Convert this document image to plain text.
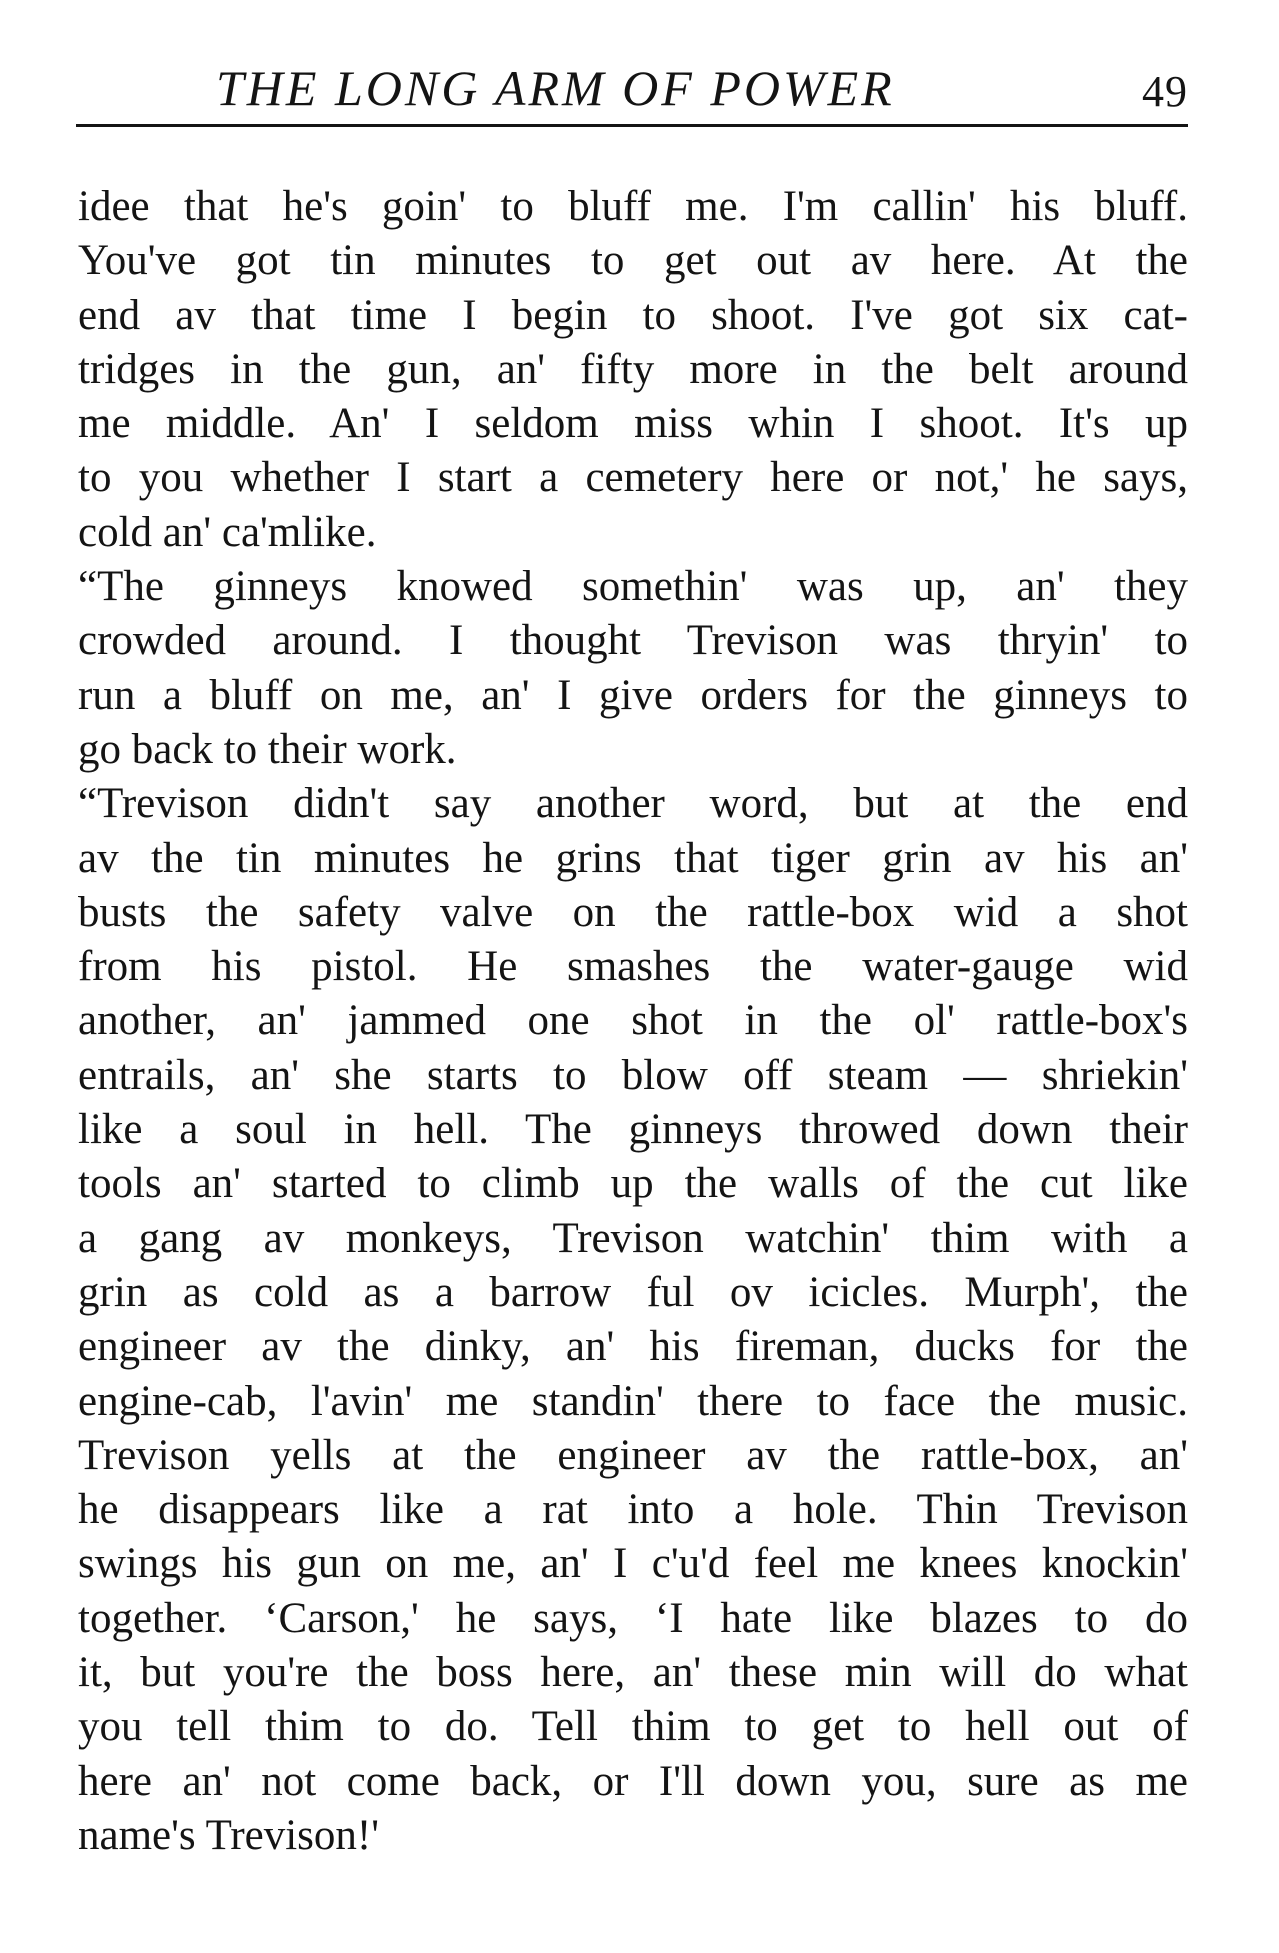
THE LONG ARM OF POWER	49
idee that he's goin' to bluff me. I'm callin' his bluff.
You've got tin minutes to get out av here. At the
end av that time I begin to shoot. I've got six cat-
tridges in the gun, an' fifty more in the belt around
me middle. An' I seldom miss whin I shoot. It's up
to you whether I start a cemetery here or not,' he says,
cold an' ca'mlike.
“The ginneys knowed somethin' was up, an' they
crowded around. I thought Trevison was thryin' to
run a bluff on me, an' I give orders for the ginneys to
go back to their work.
“Trevison didn't say another word, but at the end
av the tin minutes he grins that tiger grin av his an'
busts the safety valve on the rattle-box wid a shot
from his pistol. He smashes the water-gauge wid
another, an' jammed one shot in the ol' rattle-box's
entrails, an' she starts to blow off steam — shriekin'
like a soul in hell. The ginneys throwed down their
tools an' started to climb up the walls of the cut like
a gang av monkeys, Trevison watchin' thim with a
grin as cold as a barrow ful ov icicles. Murph', the
engineer av the dinky, an' his fireman, ducks for the
engine-cab, l'avin' me standin' there to face the music.
Trevison yells at the engineer av the rattle-box, an'
he disappears like a rat into a hole. Thin Trevison
swings his gun on me, an' I c'u'd feel me knees knockin'
together. ‘Carson,' he says, ‘I hate like blazes to do
it, but you're the boss here, an' these min will do what
you tell thim to do. Tell thim to get to hell out of
here an' not come back, or I'll down you, sure as me
name's Trevison!'
